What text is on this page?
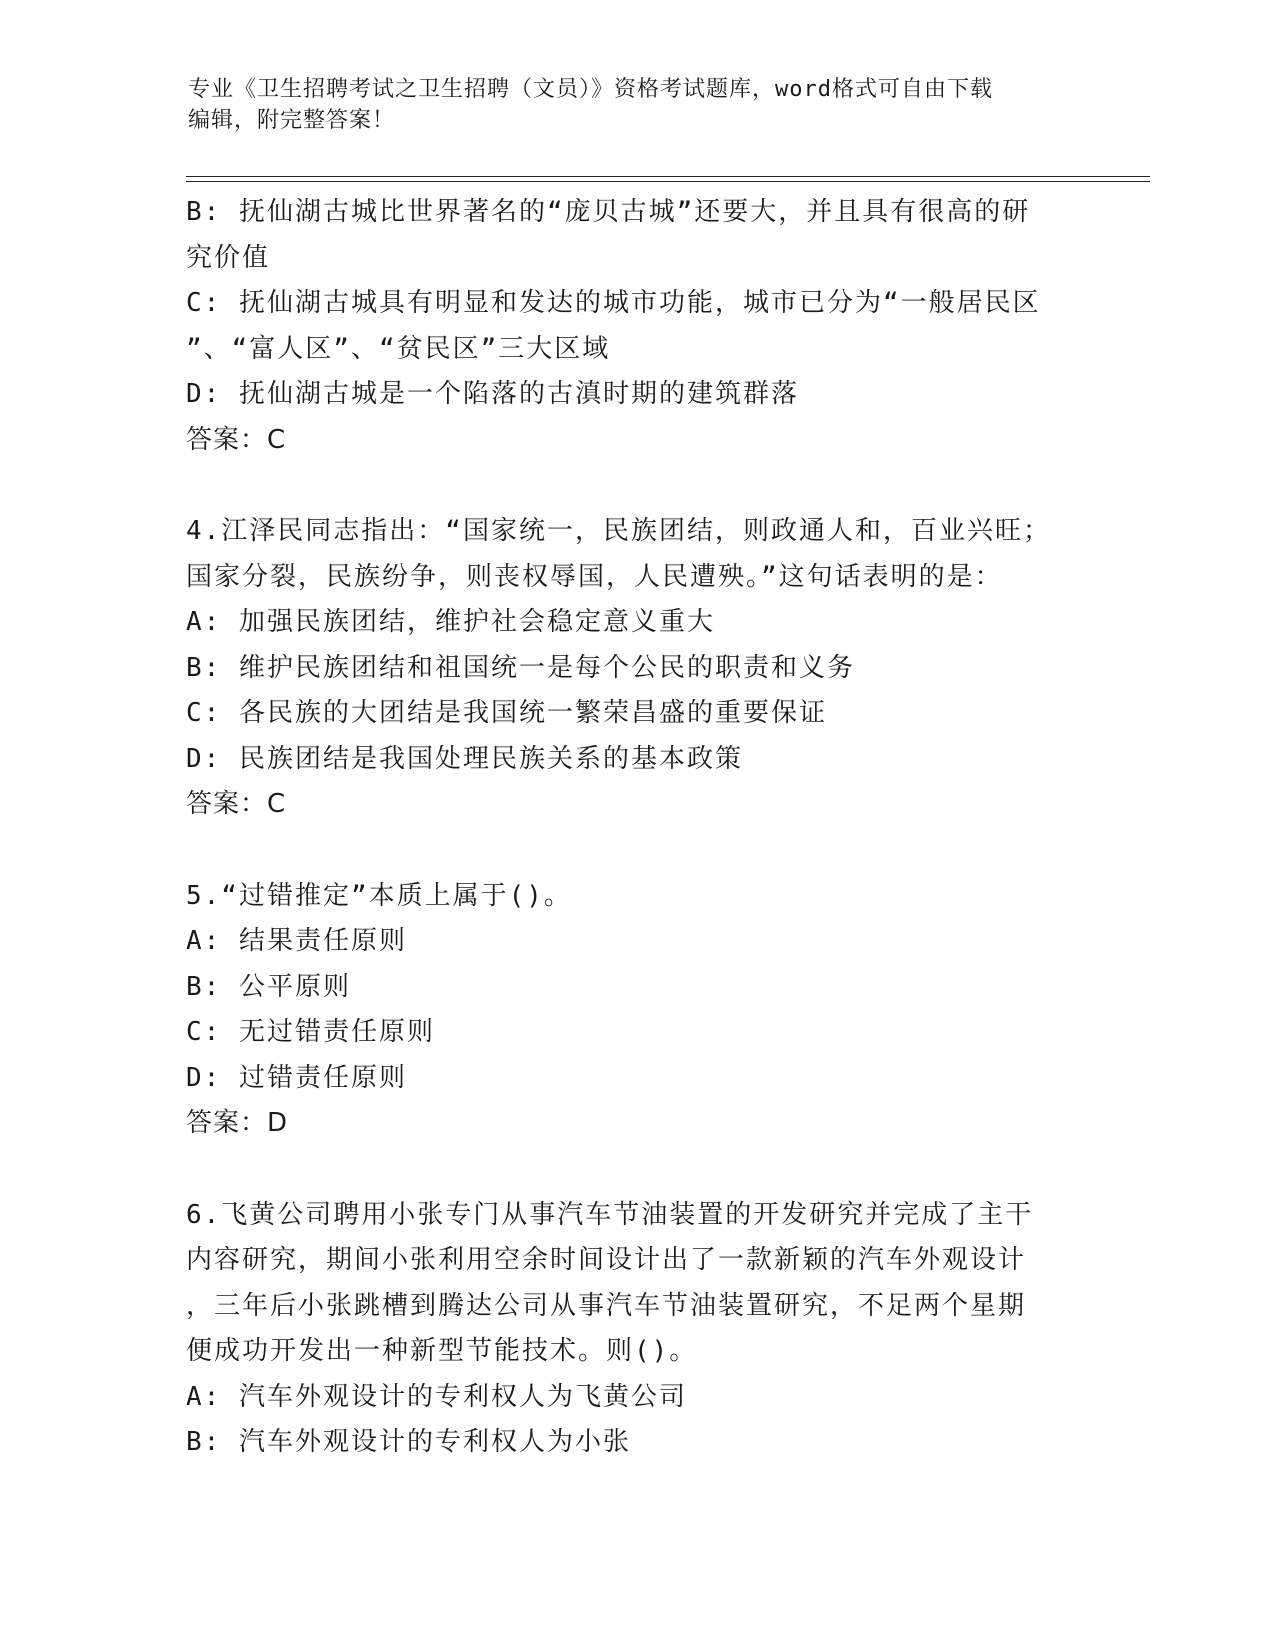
专业《卫生招聘考试之卫生招聘（文员）》资格考试题库，word格式可自由下载
编辑，附完整答案！
B: 抚仙湖古城比世界著名的“庞贝古城”还要大，并且具有很高的研
究价值
C: 抚仙湖古城具有明显和发达的城市功能，城市已分为“一般居民区
”、“富人区”、“贫民区”三大区域
D: 抚仙湖古城是一个陷落的古滇时期的建筑群落
答案：C
4.江泽民同志指出：“国家统一，民族团结，则政通人和，百业兴旺；
国家分裂，民族纷争，则丧权辱国，人民遭殃。”这句话表明的是：
A: 加强民族团结，维护社会稳定意义重大
B: 维护民族团结和祖国统一是每个公民的职责和义务
C: 各民族的大团结是我国统一繁荣昌盛的重要保证
D: 民族团结是我国处理民族关系的基本政策
答案：C
5.“过错推定”本质上属于()。
A: 结果责任原则
B: 公平原则
C: 无过错责任原则
D: 过错责任原则
答案：D
6.飞黄公司聘用小张专门从事汽车节油装置的开发研究并完成了主干
内容研究，期间小张利用空余时间设计出了一款新颖的汽车外观设计
，三年后小张跳槽到腾达公司从事汽车节油装置研究，不足两个星期
便成功开发出一种新型节能技术。则()。
A: 汽车外观设计的专利权人为飞黄公司
B: 汽车外观设计的专利权人为小张
